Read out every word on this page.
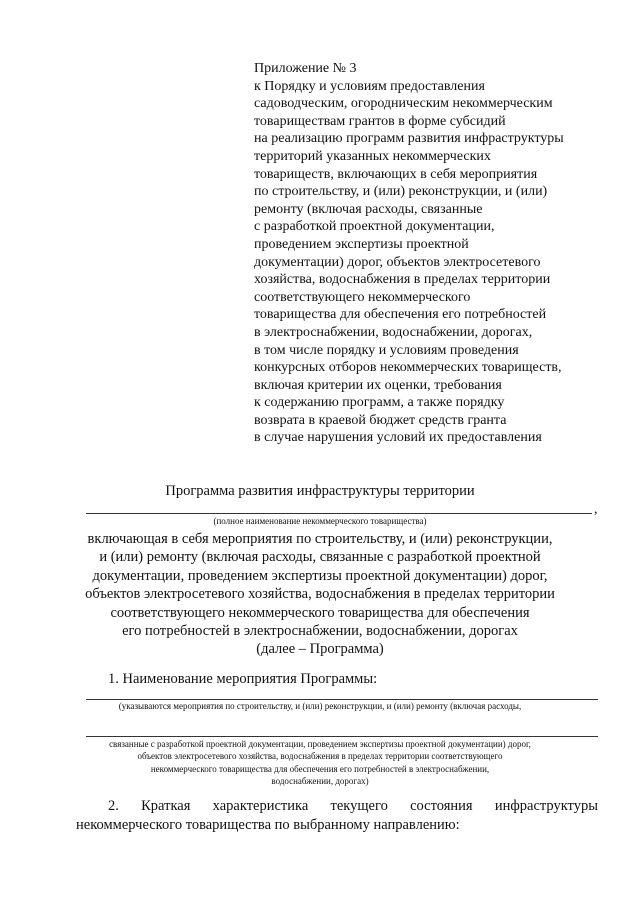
Приложение № 3
к Порядку и условиям предоставления
садоводческим, огородническим некоммерческим
товариществам грантов в форме субсидий
на реализацию программ развития инфраструктуры
территорий указанных некоммерческих
товариществ, включающих в себя мероприятия
по строительству, и (или) реконструкции, и (или)
ремонту (включая расходы, связанные
с разработкой проектной документации,
проведением экспертизы проектной
документации) дорог, объектов электросетевого
хозяйства, водоснабжения в пределах территории
соответствующего некоммерческого
товарищества для обеспечения его потребностей
в электроснабжении, водоснабжении, дорогах,
в том числе порядку и условиям проведения
конкурсных отборов некоммерческих товариществ,
включая критерии их оценки, требования
к содержанию программ, а также порядку
возврата в краевой бюджет средств гранта
в случае нарушения условий их предоставления
Программа развития инфраструктуры территории
,
(полное наименование некоммерческого товарищества)
включающая в себя мероприятия по строительству, и (или) реконструкции,
и (или) ремонту (включая расходы, связанные с разработкой проектной
документации, проведением экспертизы проектной документации) дорог,
объектов электросетевого хозяйства, водоснабжения в пределах территории
соответствующего некоммерческого товарищества для обеспечения
его потребностей в электроснабжении, водоснабжении, дорогах
(далее – Программа)
1. Наименование мероприятия Программы:
(указываются мероприятия по строительству, и (или) реконструкции, и (или) ремонту (включая расходы,
связанные с разработкой проектной документации, проведением экспертизы проектной документации) дорог,
объектов электросетевого хозяйства, водоснабжения в пределах территории соответствующего
некоммерческого товарищества для обеспечения его потребностей в электроснабжении,
водоснабжении, дорогах)
2. Краткая характеристика текущего состояния инфраструктуры
некоммерческого товарищества по выбранному направлению:
